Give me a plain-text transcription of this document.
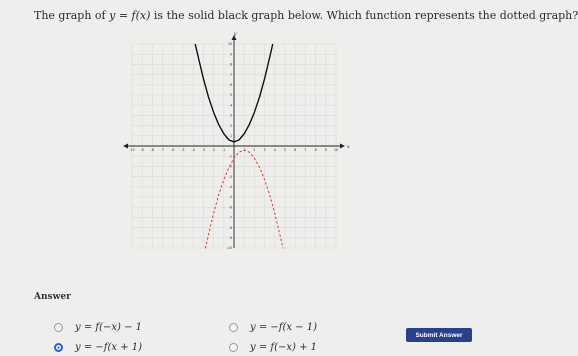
The graph of y = f(x) is the solid black graph below. Which function represents the dotted graph?
x
y
-10 -9 -8 -7 -6 -5 -4 -3 -2 -1	1	2	3	4	5	6	7	8	9 10
-10
-9
-8
-7
-6
-5
-4
-3
-2
-1
1
2
3
4
5
6
7
8
9
10
Answer
y = f(−x) − 1	y = −f(x − 1)
y = −f(x + 1)	y = f(−x) + 1
Submit Answer
